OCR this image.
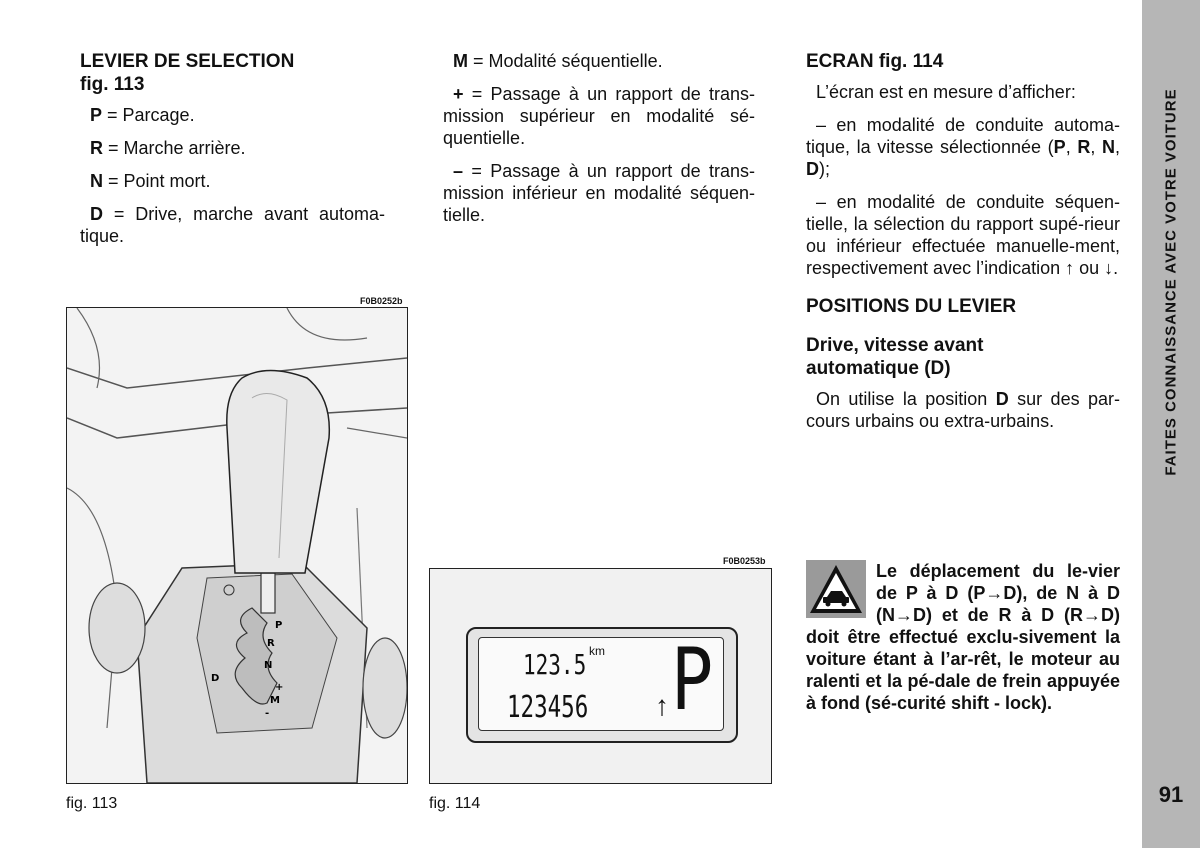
LEVIER DE SELECTION
fig. 113

P = Parcage.

R = Marche arrière.

N = Point mort.

D = Drive, marche avant automa-tique.

M = Modalité séquentielle.

+ = Passage à un rapport de trans-mission supérieur en modalité sé-quentielle.

– = Passage à un rapport de trans-mission inférieur en modalité séquen-tielle.

ECRAN fig. 114

L’écran est en mesure d’afficher:

– en modalité de conduite automa-tique, la vitesse sélectionnée (P, R, N, D);

– en modalité de conduite séquen-tielle, la sélection du rapport supé-rieur ou inférieur effectuée manuelle-ment, respectivement avec l’indication ↑ ou ↓.

POSITIONS DU LEVIER
Drive, vitesse avant
automatique (D)

On utilise la position D sur des par-cours urbains ou extra-urbains.

Le déplacement du le-vier de P à D (P→D), de N à D (N→D) et de R à D (R→D) doit être effectué exclu-sivement la voiture étant à l’ar-rêt, le moteur au ralenti et la pé-dale de frein appuyée à fond (sé-curité shift - lock).
F0B0252b
P
R
N
D
+
M
-
fig. 113
F0B0253b
123.5 km
123456 ↑ P
fig. 114
FAITES CONNAISSANCE AVEC VOTRE VOITURE
91
